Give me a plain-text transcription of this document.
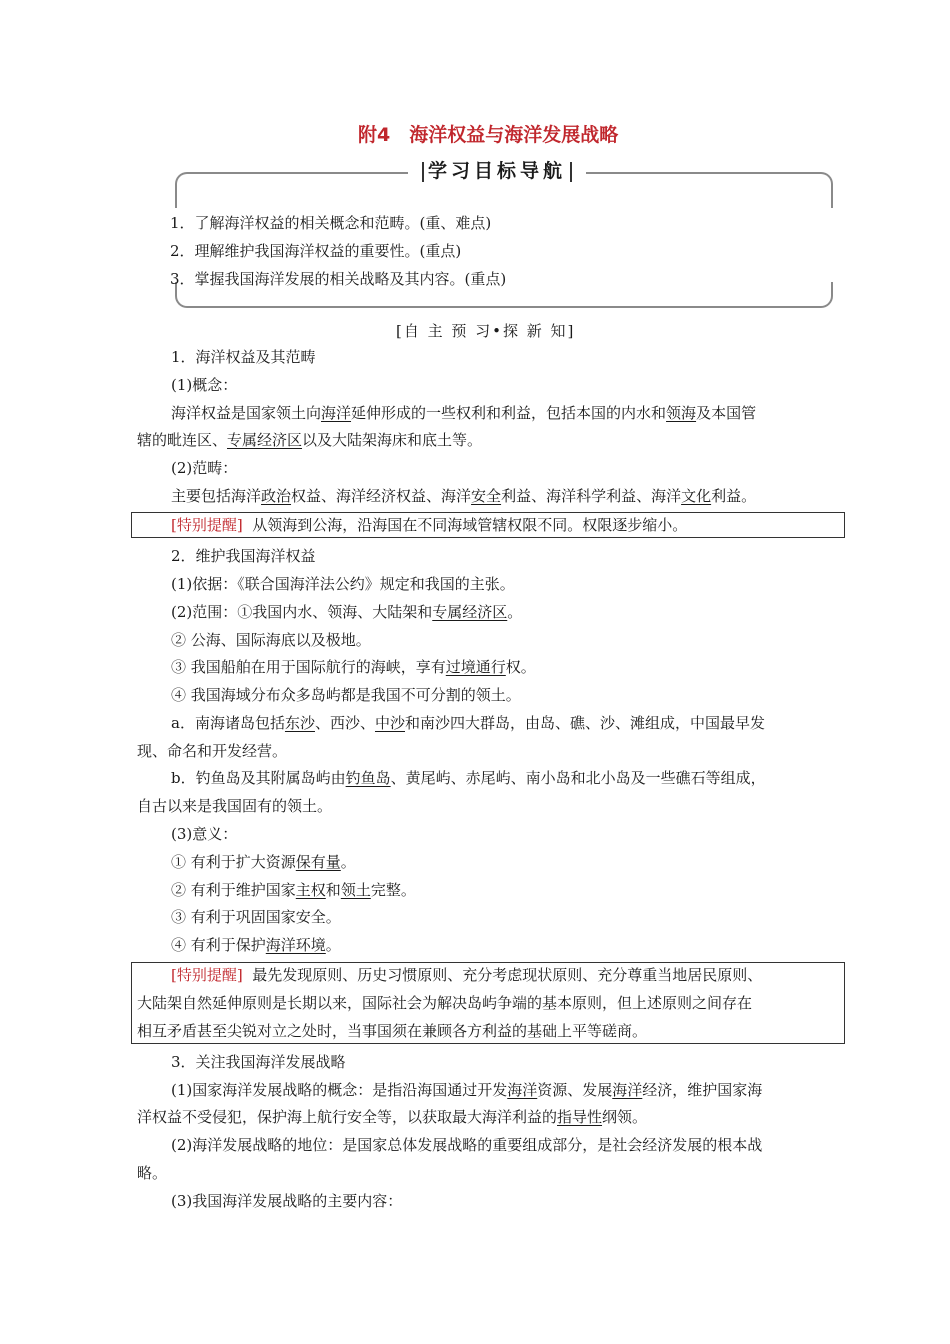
附4　海洋权益与海洋发展战略
学习目标导航
1．了解海洋权益的相关概念和范畴。(重、难点)
2．理解维护我国海洋权益的重要性。(重点)
3．掌握我国海洋发展的相关战略及其内容。(重点)
[自 主 预 习•探 新 知]
1．海洋权益及其范畴
(1)概念：
海洋权益是国家领土向海洋延伸形成的一些权利和利益，包括本国的内水和领海及本国管
辖的毗连区、专属经济区以及大陆架海床和底土等。
(2)范畴：
主要包括海洋政治权益、海洋经济权益、海洋安全利益、海洋科学利益、海洋文化利益。
[特别提醒] 从领海到公海，沿海国在不同海域管辖权限不同。权限逐步缩小。
2．维护我国海洋权益
(1)依据：《联合国海洋法公约》规定和我国的主张。
(2)范围：①我国内水、领海、大陆架和专属经济区。
② 公海、国际海底以及极地。
③ 我国船舶在用于国际航行的海峡，享有过境通行权。
④ 我国海域分布众多岛屿都是我国不可分割的领土。
a．南海诸岛包括东沙、西沙、中沙和南沙四大群岛，由岛、礁、沙、滩组成，中国最早发
现、命名和开发经营。
b．钓鱼岛及其附属岛屿由钓鱼岛、黄尾屿、赤尾屿、南小岛和北小岛及一些礁石等组成，
自古以来是我国固有的领土。
(3)意义：
① 有利于扩大资源保有量。
② 有利于维护国家主权和领土完整。
③ 有利于巩固国家安全。
④ 有利于保护海洋环境。
[特别提醒] 最先发现原则、历史习惯原则、充分考虑现状原则、充分尊重当地居民原则、
大陆架自然延伸原则是长期以来，国际社会为解决岛屿争端的基本原则，但上述原则之间存在
相互矛盾甚至尖锐对立之处时，当事国须在兼顾各方利益的基础上平等磋商。
3．关注我国海洋发展战略
(1)国家海洋发展战略的概念：是指沿海国通过开发海洋资源、发展海洋经济，维护国家海
洋权益不受侵犯，保护海上航行安全等，以获取最大海洋利益的指导性纲领。
(2)海洋发展战略的地位：是国家总体发展战略的重要组成部分，是社会经济发展的根本战
略。
(3)我国海洋发展战略的主要内容：
